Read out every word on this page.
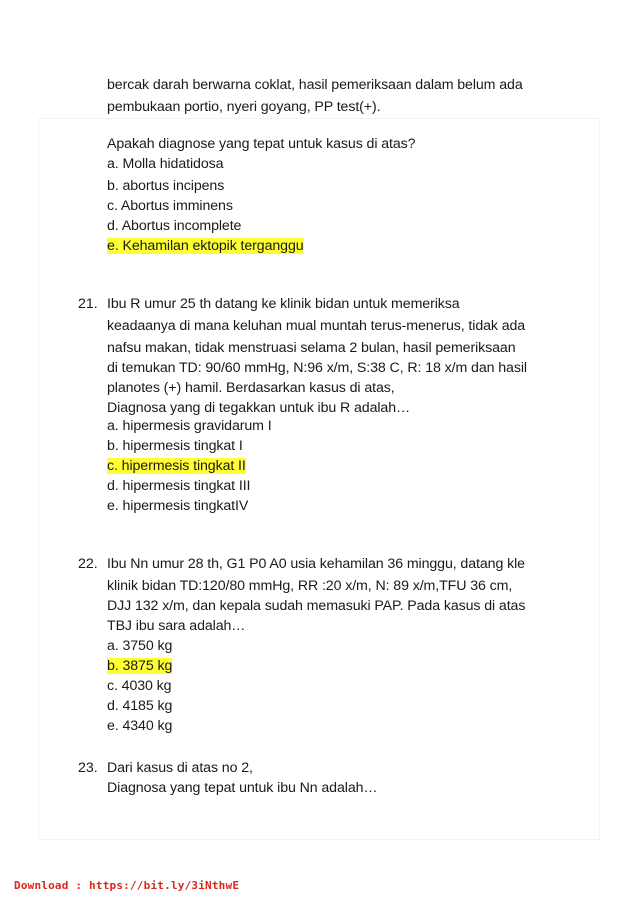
bercak darah berwarna coklat, hasil pemeriksaan dalam belum ada
pembukaan portio, nyeri goyang, PP test(+).
Apakah diagnose yang tepat untuk kasus di atas?
a. Molla hidatidosa
b. abortus incipens
c. Abortus imminens
d. Abortus incomplete
e. Kehamilan ektopik terganggu
21. Ibu R umur 25 th datang ke klinik bidan untuk memeriksa
keadaanya di mana keluhan mual muntah terus-menerus, tidak ada
nafsu makan, tidak menstruasi selama 2 bulan, hasil pemeriksaan
di temukan TD: 90/60 mmHg, N:96 x/m, S:38 C, R: 18 x/m dan hasil
planotes (+) hamil. Berdasarkan kasus di atas,
Diagnosa yang di tegakkan untuk ibu R adalah…
a. hipermesis gravidarum I
b. hipermesis tingkat I
c. hipermesis tingkat II
d. hipermesis tingkat III
e. hipermesis tingkatIV
22. Ibu Nn umur 28 th, G1 P0 A0 usia kehamilan 36 minggu, datang kle
klinik bidan TD:120/80 mmHg, RR :20 x/m, N: 89 x/m,TFU 36 cm,
DJJ 132 x/m, dan kepala sudah memasuki PAP. Pada kasus di atas
TBJ ibu sara adalah…
a. 3750 kg
b. 3875 kg
c. 4030 kg
d. 4185 kg
e. 4340 kg
23. Dari kasus di atas no 2,
Diagnosa yang tepat untuk ibu Nn adalah…
Download : https://bit.ly/3iNthwE
